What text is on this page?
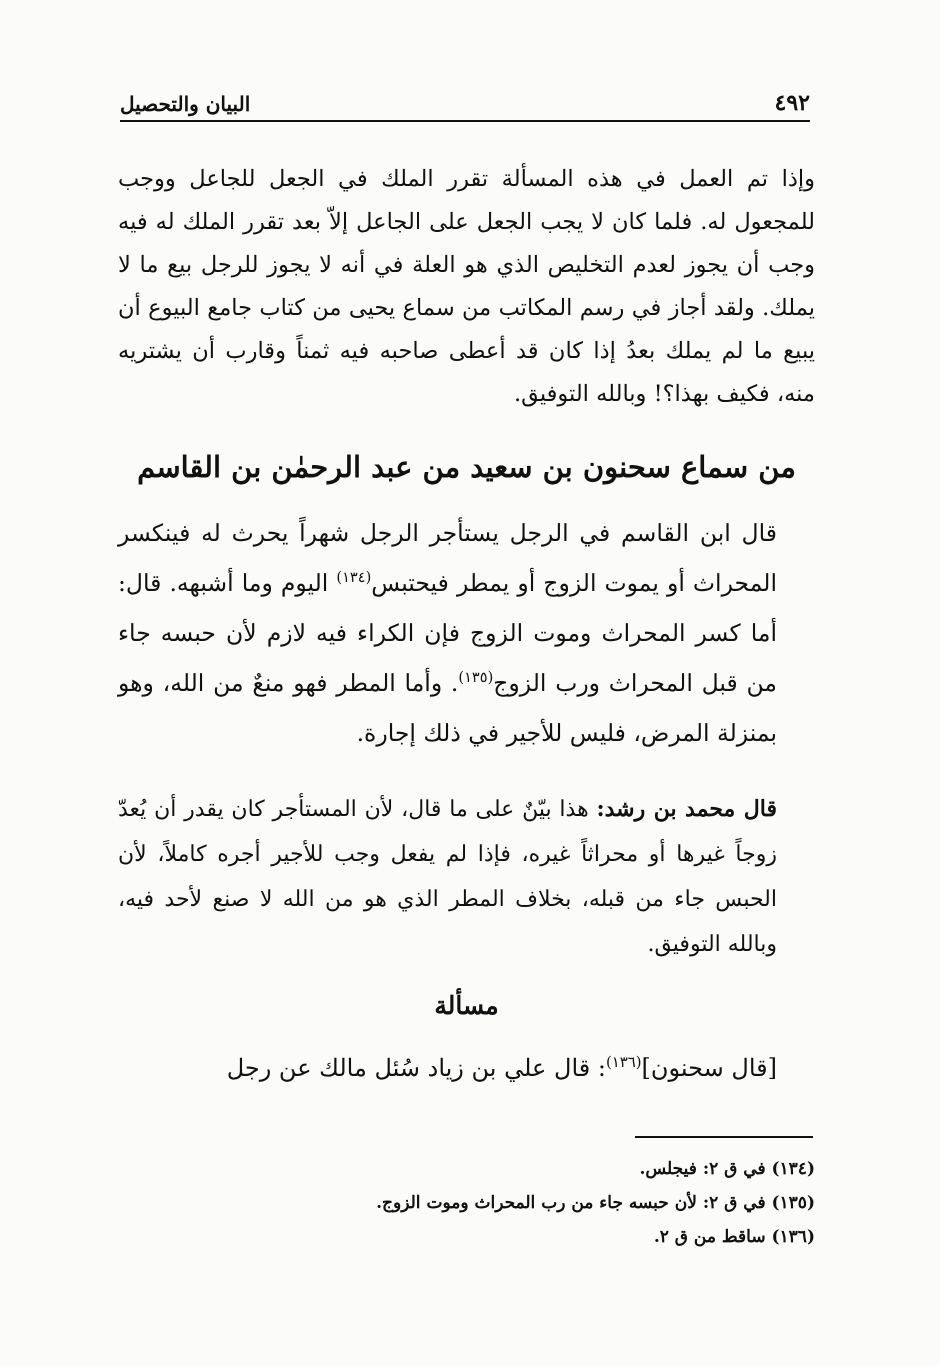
٤٩٢
البيان والتحصيل

وإذا تم العمل في هذه المسألة تقرر الملك في الجعل للجاعل ووجب للمجعول له. فلما كان لا يجب الجعل على الجاعل إلاّ بعد تقرر الملك له فيه وجب أن يجوز لعدم التخليص الذي هو العلة في أنه لا يجوز للرجل بيع ما لا يملك. ولقد أجاز في رسم المكاتب من سماع يحيى من كتاب جامع البيوع أن يبيع ما لم يملك بعدُ إذا كان قد أعطى صاحبه فيه ثمناً وقارب أن يشتريه منه، فكيف بهذا؟! وبالله التوفيق.

من سماع سحنون بن سعيد من عبد الرحمٰن بن القاسم

قال ابن القاسم في الرجل يستأجر الرجل شهراً يحرث له فينكسر المحراث أو يموت الزوج أو يمطر فيحتبس$^{(١٣٤)}$ اليوم وما أشبهه. قال: أما كسر المحراث وموت الزوج فإن الكراء فيه لازم لأن حبسه جاء من قبل المحراث ورب الزوج$^{(١٣٥)}$. وأما المطر فهو منعٌ من الله، وهو بمنزلة المرض، فليس للأجير في ذلك إجارة.

قال محمد بن رشد: هذا بيّنٌ على ما قال، لأن المستأجر كان يقدر أن يُعدّ زوجاً غيرها أو محراثاً غيره، فإذا لم يفعل وجب للأجير أجره كاملاً، لأن الحبس جاء من قبله، بخلاف المطر الذي هو من الله لا صنع لأحد فيه، وبالله التوفيق.

مسألة

[قال سحنون]$^{(١٣٦)}$: قال علي بن زياد سُئل مالك عن رجل

(١٣٤) في ق ٢: فيجلس.
(١٣٥) في ق ٢: لأن حبسه جاء من رب المحراث وموت الزوج.
(١٣٦) ساقط من ق ٢.
